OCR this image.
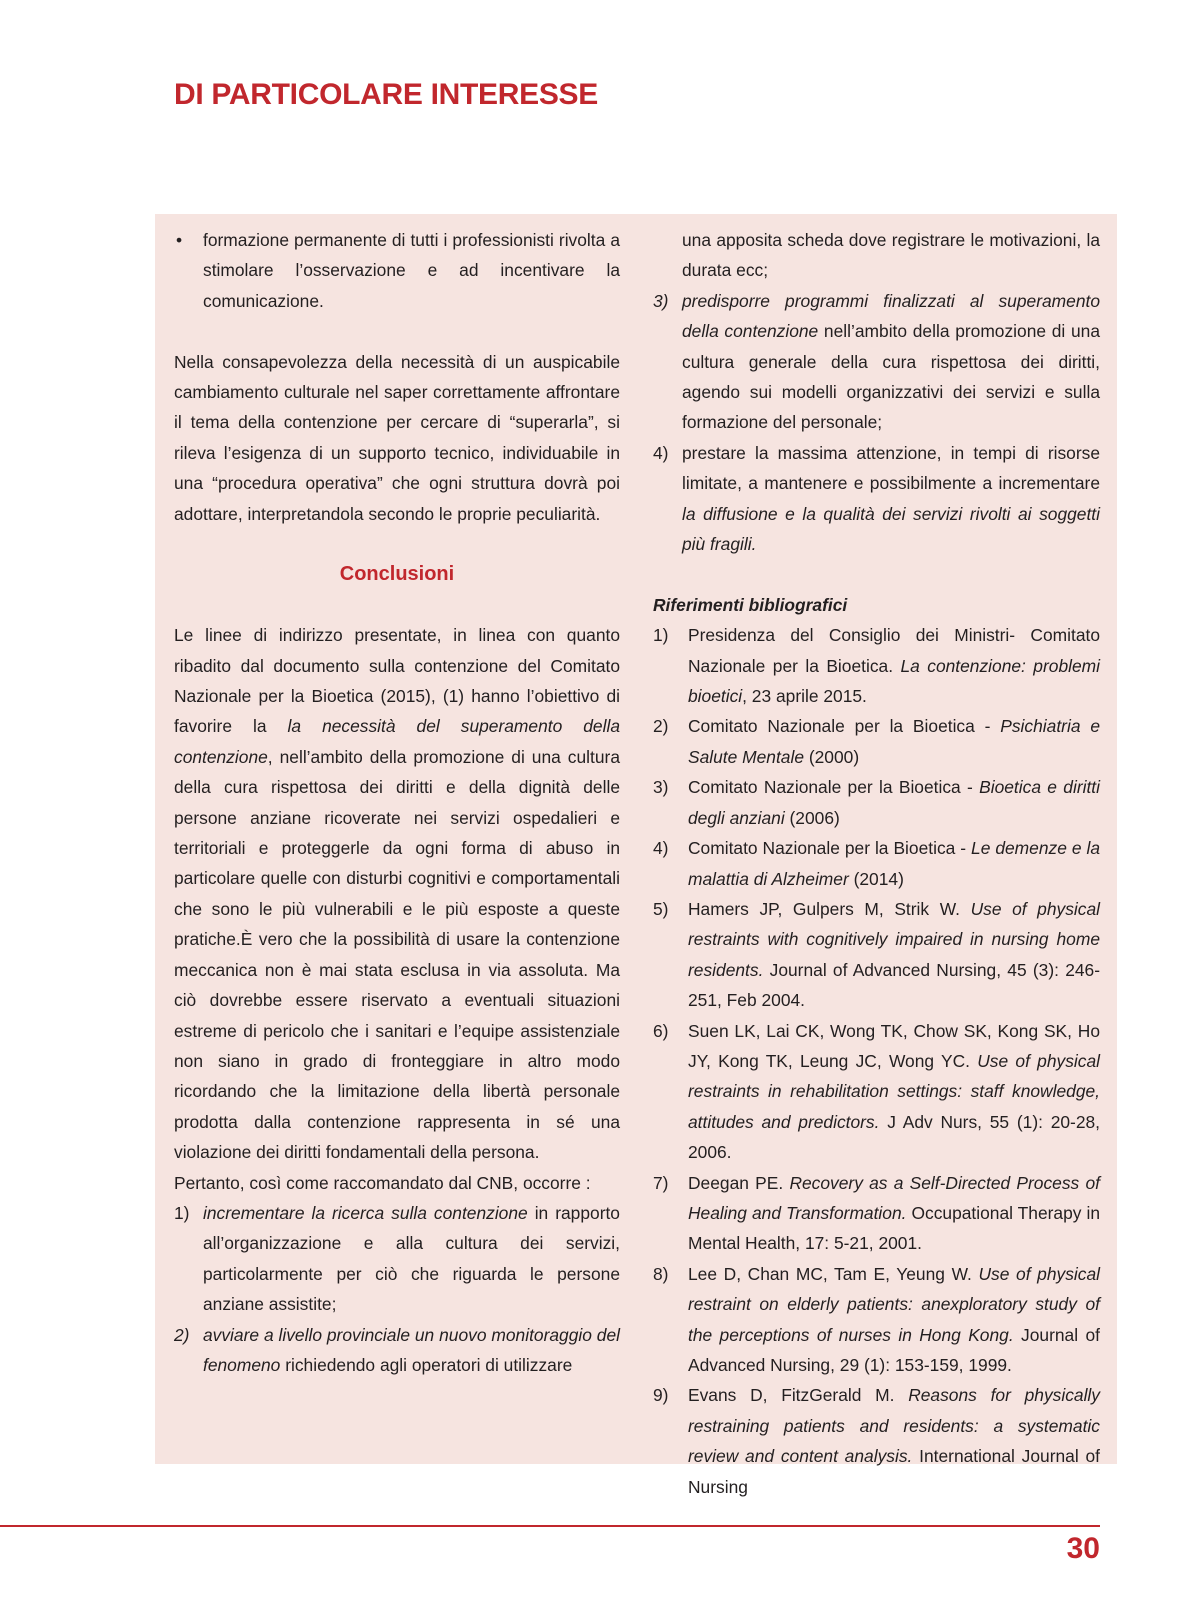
DI PARTICOLARE INTERESSE
• formazione permanente di tutti i professionisti rivolta a stimolare l’osservazione e ad incentivare la comunicazione.

Nella consapevolezza della necessità di un auspicabile cambiamento culturale nel saper correttamente affrontare il tema della contenzione per cercare di “superarla”, si rileva l’esigenza di un supporto tecnico, individuabile in una “procedura operativa” che ogni struttura dovrà poi adottare, interpretandola secondo le proprie peculiarità.

Conclusioni

Le linee di indirizzo presentate, in linea con quanto ribadito dal documento sulla contenzione del Comitato Nazionale per la Bioetica (2015), (1) hanno l’obiettivo di favorire la la necessità del superamento della contenzione, nell’ambito della promozione di una cultura della cura rispettosa dei diritti e della dignità delle persone anziane ricoverate nei servizi ospedalieri e territoriali e proteggerle da ogni forma di abuso in particolare quelle con disturbi cognitivi e comportamentali che sono le più vulnerabili e le più esposte a queste pratiche.È vero che la possibilità di usare la contenzione meccanica non è mai stata esclusa in via assoluta. Ma ciò dovrebbe essere riservato a eventuali situazioni estreme di pericolo che i sanitari e l’equipe assistenziale non siano in grado di fronteggiare in altro modo ricordando che la limitazione della libertà personale prodotta dalla contenzione rappresenta in sé una violazione dei diritti fondamentali della persona.

Pertanto, così come raccomandato dal CNB, occorre :

1) incrementare la ricerca sulla contenzione in rapporto all’organizzazione e alla cultura dei servizi, particolarmente per ciò che riguarda le persone anziane assistite;
2) avviare a livello provinciale un nuovo monitoraggio del fenomeno richiedendo agli operatori di utilizzare

una apposita scheda dove registrare le motivazioni, la durata ecc;

3) predisporre programmi finalizzati al superamento della contenzione nell’ambito della promozione di una cultura generale della cura rispettosa dei diritti, agendo sui modelli organizzativi dei servizi e sulla formazione del personale;
4) prestare la massima attenzione, in tempi di risorse limitate, a mantenere e possibilmente a incrementare la diffusione e la qualità dei servizi rivolti ai soggetti più fragili.

Riferimenti bibliografici

1) Presidenza del Consiglio dei Ministri- Comitato Nazionale per la Bioetica. La contenzione: problemi bioetici, 23 aprile 2015.
2) Comitato Nazionale per la Bioetica - Psichiatria e Salute Mentale (2000)
3) Comitato Nazionale per la Bioetica - Bioetica e diritti degli anziani (2006)
4) Comitato Nazionale per la Bioetica - Le demenze e la malattia di Alzheimer (2014)
5) Hamers JP, Gulpers M, Strik W. Use of physical restraints with cognitively impaired in nursing home residents. Journal of Advanced Nursing, 45 (3): 246-251, Feb 2004.
6) Suen LK, Lai CK, Wong TK, Chow SK, Kong SK, Ho JY, Kong TK, Leung JC, Wong YC. Use of physical restraints in rehabilitation settings: staff knowledge, attitudes and predictors. J Adv Nurs, 55 (1): 20-28, 2006.
7) Deegan PE. Recovery as a Self-Directed Process of Healing and Transformation. Occupational Therapy in Mental Health, 17: 5-21, 2001.
8) Lee D, Chan MC, Tam E, Yeung W. Use of physical restraint on elderly patients: anexploratory study of the perceptions of nurses in Hong Kong. Journal of Advanced Nursing, 29 (1): 153-159, 1999.
9) Evans D, FitzGerald M. Reasons for physically restraining patients and residents: a systematic review and content analysis. International Journal of Nursing
30
